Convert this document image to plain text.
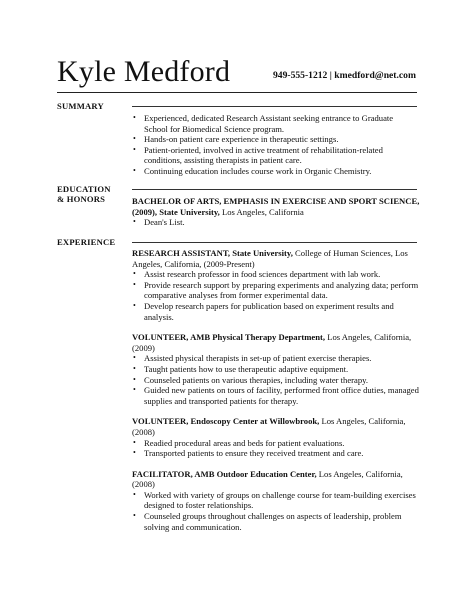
Kyle Medford	949-555-1212 | kmedford@net.com
SUMMARY
• Experienced, dedicated Research Assistant seeking entrance to Graduate School for Biomedical Science program.
• Hands-on patient care experience in therapeutic settings.
• Patient-oriented, involved in active treatment of rehabilitation-related conditions, assisting therapists in patient care.
• Continuing education includes course work in Organic Chemistry.
EDUCATION
& HONORS	BACHELOR OF ARTS, EMPHASIS IN EXERCISE AND SPORT SCIENCE, (2009), State University, Los Angeles, California
• Dean's List.
EXPERIENCE
RESEARCH ASSISTANT, State University, College of Human Sciences, Los Angeles, California, (2009-Present)
• Assist research professor in food sciences department with lab work.
• Provide research support by preparing experiments and analyzing data; perform comparative analyses from former experimental data.
• Develop research papers for publication based on experiment results and analysis.
VOLUNTEER, AMB Physical Therapy Department, Los Angeles, California, (2009)
• Assisted physical therapists in set-up of patient exercise therapies.
• Taught patients how to use therapeutic adaptive equipment.
• Counseled patients on various therapies, including water therapy.
• Guided new patients on tours of facility, performed front office duties, managed supplies and transported patients for therapy.
VOLUNTEER, Endoscopy Center at Willowbrook, Los Angeles, California, (2008)
• Readied procedural areas and beds for patient evaluations.
• Transported patients to ensure they received treatment and care.
FACILITATOR, AMB Outdoor Education Center, Los Angeles, California, (2008)
• Worked with variety of groups on challenge course for team-building exercises designed to foster relationships.
• Counseled groups throughout challenges on aspects of leadership, problem solving and communication.
